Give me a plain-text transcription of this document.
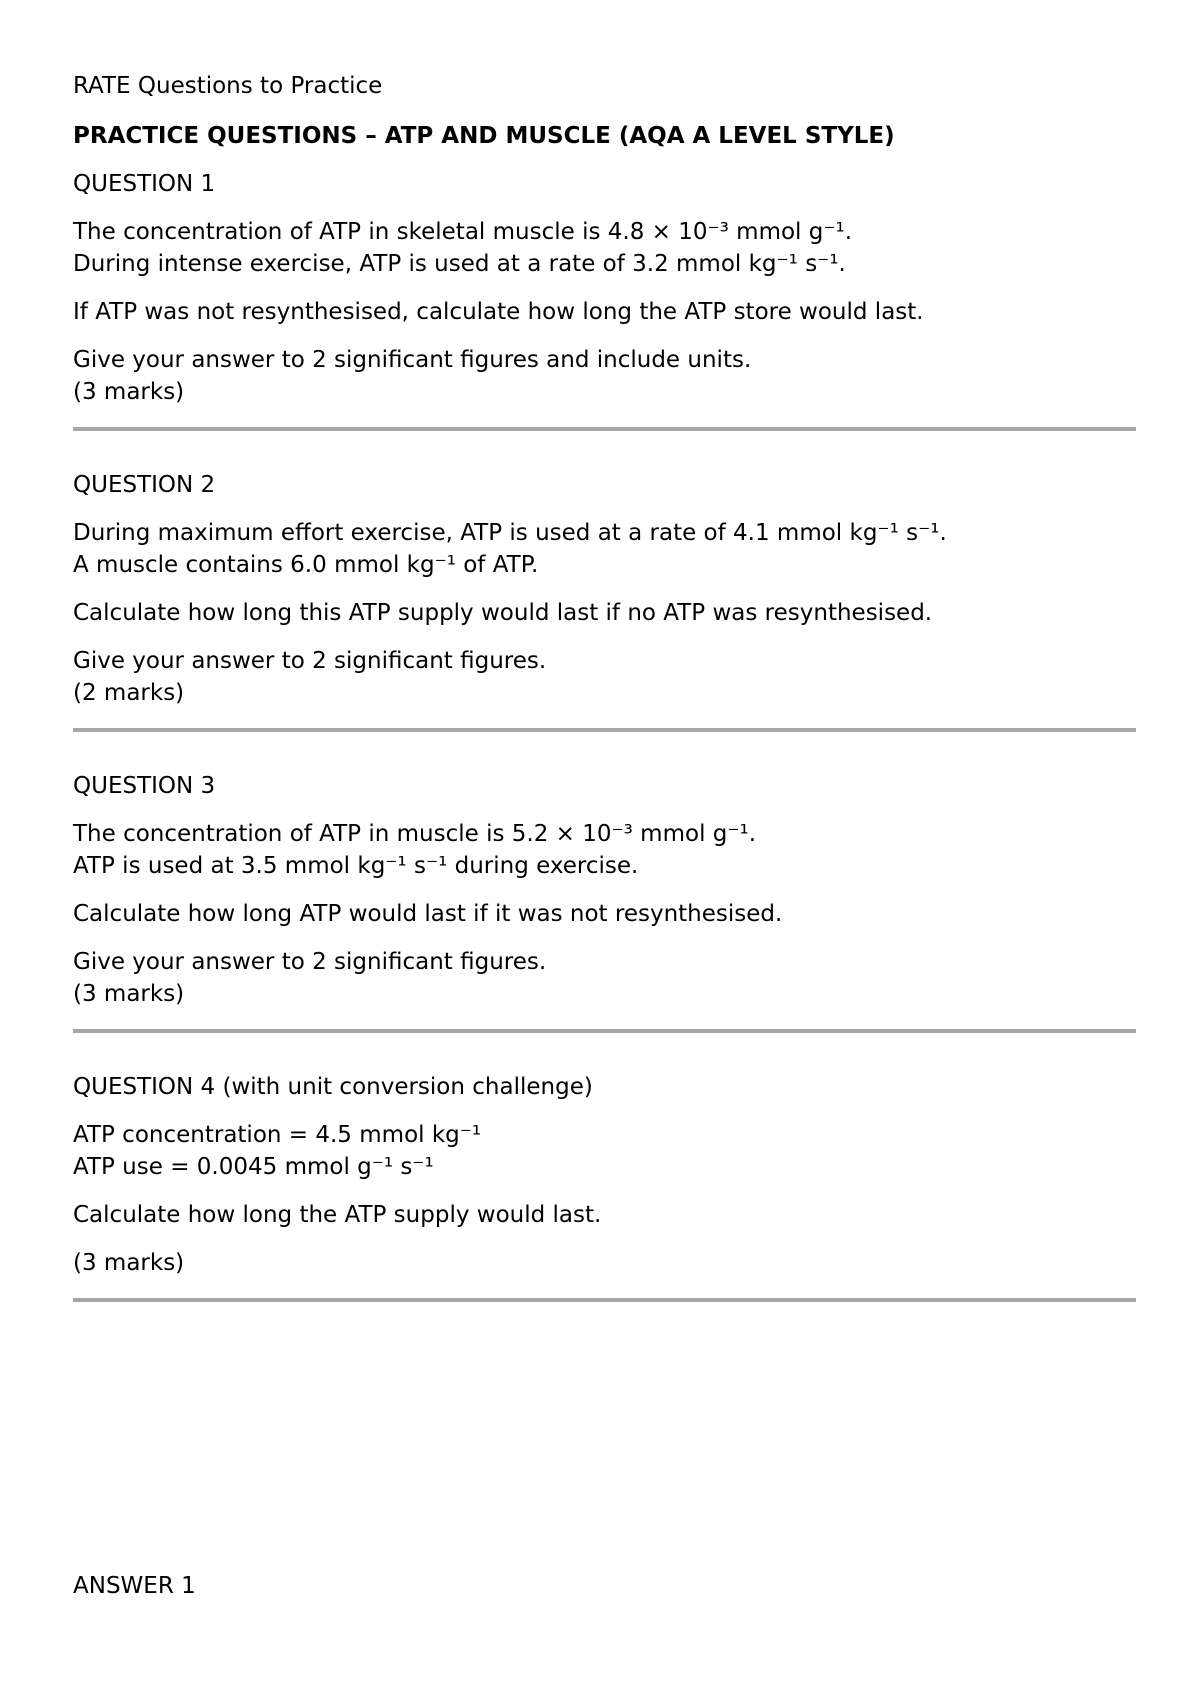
RATE Questions to Practice

PRACTICE QUESTIONS – ATP AND MUSCLE (AQA A LEVEL STYLE)

QUESTION 1

The concentration of ATP in skeletal muscle is 4.8 × 10⁻³ mmol g⁻¹.

During intense exercise, ATP is used at a rate of 3.2 mmol kg⁻¹ s⁻¹.

If ATP was not resynthesised, calculate how long the ATP store would last.

Give your answer to 2 significant figures and include units.

(3 marks)

QUESTION 2

During maximum effort exercise, ATP is used at a rate of 4.1 mmol kg⁻¹ s⁻¹.

A muscle contains 6.0 mmol kg⁻¹ of ATP.

Calculate how long this ATP supply would last if no ATP was resynthesised.

Give your answer to 2 significant figures.

(2 marks)

QUESTION 3

The concentration of ATP in muscle is 5.2 × 10⁻³ mmol g⁻¹.

ATP is used at 3.5 mmol kg⁻¹ s⁻¹ during exercise.

Calculate how long ATP would last if it was not resynthesised.

Give your answer to 2 significant figures.

(3 marks)

QUESTION 4 (with unit conversion challenge)

ATP concentration = 4.5 mmol kg⁻¹

ATP use = 0.0045 mmol g⁻¹ s⁻¹

Calculate how long the ATP supply would last.

(3 marks)

ANSWER 1
